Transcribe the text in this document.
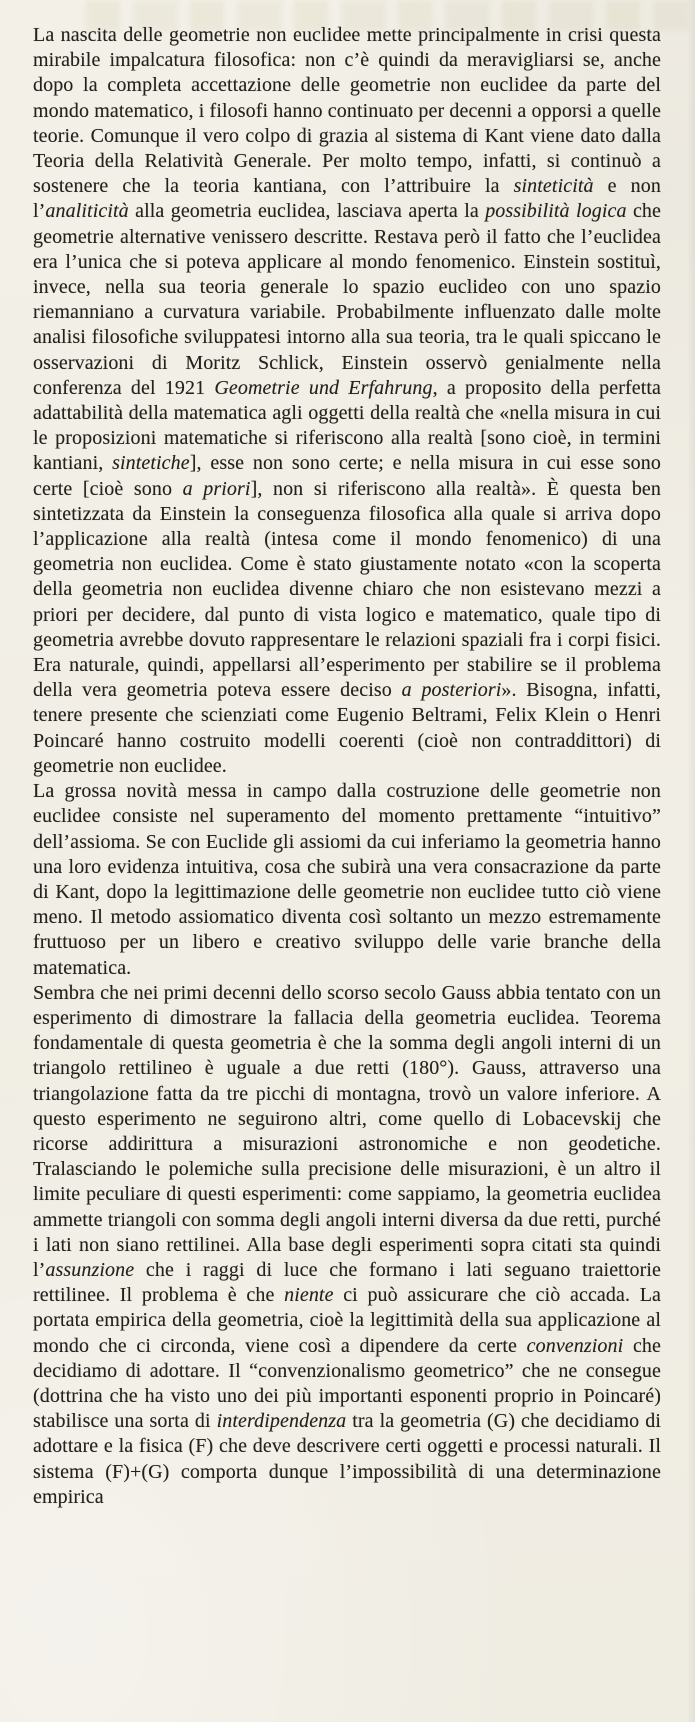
La nascita delle geometrie non euclidee mette principalmente in crisi questa mirabile impalcatura filosofica: non c’è quindi da meravigliarsi se, anche dopo la completa accettazione delle geometrie non euclidee da parte del mondo matematico, i filosofi hanno continuato per decenni a opporsi a quelle teorie. Comunque il vero colpo di grazia al sistema di Kant viene dato dalla Teoria della Relatività Generale. Per molto tempo, infatti, si continuò a sostenere che la teoria kantiana, con l’attribuire la sinteticità e non l’analiticità alla geometria euclidea, lasciava aperta la possibilità logica che geometrie alternative venissero descritte. Restava però il fatto che l’euclidea era l’unica che si poteva applicare al mondo fenomenico. Einstein sostituì, invece, nella sua teoria generale lo spazio euclideo con uno spazio riemanniano a curvatura variabile. Probabilmente influenzato dalle molte analisi filosofiche sviluppatesi intorno alla sua teoria, tra le quali spiccano le osservazioni di Moritz Schlick, Einstein osservò genialmente nella conferenza del 1921 Geometrie und Erfahrung, a proposito della perfetta adattabilità della matematica agli oggetti della realtà che «nella misura in cui le proposizioni matematiche si riferiscono alla realtà [sono cioè, in termini kantiani, sintetiche], esse non sono certe; e nella misura in cui esse sono certe [cioè sono a priori], non si riferiscono alla realtà». È questa ben sintetizzata da Einstein la conseguenza filosofica alla quale si arriva dopo l’applicazione alla realtà (intesa come il mondo fenomenico) di una geometria non euclidea. Come è stato giustamente notato «con la scoperta della geometria non euclidea divenne chiaro che non esistevano mezzi a priori per decidere, dal punto di vista logico e matematico, quale tipo di geometria avrebbe dovuto rappresentare le relazioni spaziali fra i corpi fisici. Era naturale, quindi, appellarsi all’esperimento per stabilire se il problema della vera geometria poteva essere deciso a posteriori». Bisogna, infatti, tenere presente che scienziati come Eugenio Beltrami, Felix Klein o Henri Poincaré hanno costruito modelli coerenti (cioè non contraddittori) di geometrie non euclidee.

La grossa novità messa in campo dalla costruzione delle geometrie non euclidee consiste nel superamento del momento prettamente “intuitivo” dell’assioma. Se con Euclide gli assiomi da cui inferiamo la geometria hanno una loro evidenza intuitiva, cosa che subirà una vera consacrazione da parte di Kant, dopo la legittimazione delle geometrie non euclidee tutto ciò viene meno. Il metodo assiomatico diventa così soltanto un mezzo estremamente fruttuoso per un libero e creativo sviluppo delle varie branche della matematica.

Sembra che nei primi decenni dello scorso secolo Gauss abbia tentato con un esperimento di dimostrare la fallacia della geometria euclidea. Teorema fondamentale di questa geometria è che la somma degli angoli interni di un triangolo rettilineo è uguale a due retti (180°). Gauss, attraverso una triangolazione fatta da tre picchi di montagna, trovò un valore inferiore. A questo esperimento ne seguirono altri, come quello di Lobacevskij che ricorse addirittura a misurazioni astronomiche e non geodetiche. Tralasciando le polemiche sulla precisione delle misurazioni, è un altro il limite peculiare di questi esperimenti: come sappiamo, la geometria euclidea ammette triangoli con somma degli angoli interni diversa da due retti, purché i lati non siano rettilinei. Alla base degli esperimenti sopra citati sta quindi l’assunzione che i raggi di luce che formano i lati seguano traiettorie rettilinee. Il problema è che niente ci può assicurare che ciò accada. La portata empirica della geometria, cioè la legittimità della sua applicazione al mondo che ci circonda, viene così a dipendere da certe convenzioni che decidiamo di adottare. Il “convenzionalismo geometrico” che ne consegue (dottrina che ha visto uno dei più importanti esponenti proprio in Poincaré) stabilisce una sorta di interdipendenza tra la geometria (G) che decidiamo di adottare e la fisica (F) che deve descrivere certi oggetti e processi naturali. Il sistema (F)+(G) comporta dunque l’impossibilità di una determinazione empirica
